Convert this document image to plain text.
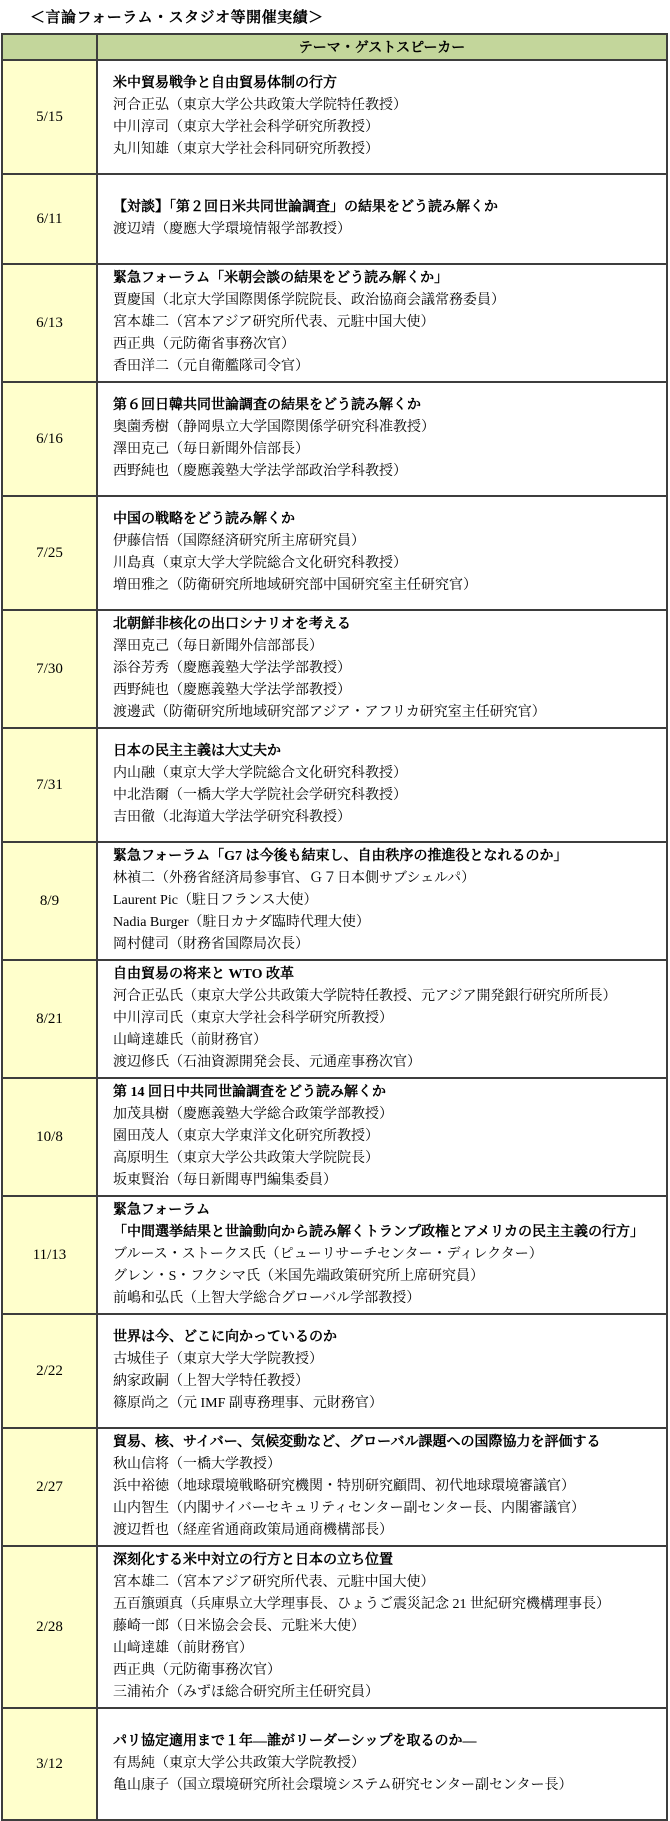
＜言論フォーラム・スタジオ等開催実績＞
	テーマ・ゲストスピーカー
5/15	米中貿易戦争と自由貿易体制の行方
河合正弘（東京大学公共政策大学院特任教授）
中川淳司（東京大学社会科学研究所教授）
丸川知雄（東京大学社会科同研究所教授）

6/11	【対談】「第２回日米共同世論調査」の結果をどう読み解くか
渡辺靖（慶應大学環境情報学部教授）

6/13	緊急フォーラム「米朝会談の結果をどう読み解くか」
賈慶国（北京大学国際関係学院院長、政治協商会議常務委員）
宮本雄二（宮本アジア研究所代表、元駐中国大使）
西正典（元防衛省事務次官）
香田洋二（元自衛艦隊司令官）

6/16	第６回日韓共同世論調査の結果をどう読み解くか
奥薗秀樹（静岡県立大学国際関係学研究科准教授）
澤田克己（毎日新聞外信部長）
西野純也（慶應義塾大学法学部政治学科教授）

7/25	中国の戦略をどう読み解くか
伊藤信悟（国際経済研究所主席研究員）
川島真（東京大学大学院総合文化研究科教授）
増田雅之（防衛研究所地域研究部中国研究室主任研究官）

7/30	北朝鮮非核化の出口シナリオを考える
澤田克己（毎日新聞外信部部長）
添谷芳秀（慶應義塾大学法学部教授）
西野純也（慶應義塾大学法学部教授）
渡邊武（防衛研究所地域研究部アジア・アフリカ研究室主任研究官）

7/31	日本の民主主義は大丈夫か
内山融（東京大学大学院総合文化研究科教授）
中北浩爾（一橋大学大学院社会学研究科教授）
吉田徹（北海道大学法学研究科教授）

8/9	緊急フォーラム「G7 は今後も結束し、自由秩序の推進役となれるのか」
林禎二（外務省経済局参事官、Ｇ７日本側サブシェルパ）
Laurent Pic（駐日フランス大使）
Nadia Burger（駐日カナダ臨時代理大使）
岡村健司（財務省国際局次長）

8/21	自由貿易の将来と WTO 改革
河合正弘氏（東京大学公共政策大学院特任教授、元アジア開発銀行研究所所長）
中川淳司氏（東京大学社会科学研究所教授）
山﨑達雄氏（前財務官）
渡辺修氏（石油資源開発会長、元通産事務次官）

10/8	第 14 回日中共同世論調査をどう読み解くか
加茂具樹（慶應義塾大学総合政策学部教授）
園田茂人（東京大学東洋文化研究所教授）
高原明生（東京大学公共政策大学院院長）
坂東賢治（毎日新聞専門編集委員）

11/13	緊急フォーラム
「中間選挙結果と世論動向から読み解くトランプ政権とアメリカの民主主義の行方」
ブルース・ストークス氏（ピューリサーチセンター・ディレクター）
グレン・S・フクシマ氏（米国先端政策研究所上席研究員）
前嶋和弘氏（上智大学総合グローバル学部教授）

2/22	世界は今、どこに向かっているのか
古城佳子（東京大学大学院教授）
納家政嗣（上智大学特任教授）
篠原尚之（元 IMF 副専務理事、元財務官）

2/27	貿易、核、サイバー、気候変動など、グローバル課題への国際協力を評価する
秋山信将（一橋大学教授）
浜中裕徳（地球環境戦略研究機関・特別研究顧問、初代地球環境審議官）
山内智生（内閣サイバーセキュリティセンター副センター長、内閣審議官）
渡辺哲也（経産省通商政策局通商機構部長）

2/28	
深刻化する米中対立の行方と日本の立ち位置
宮本雄二（宮本アジア研究所代表、元駐中国大使）
五百籏頭真（兵庫県立大学理事長、ひょうご震災記念 21 世紀研究機構理事長）
藤崎一郎（日米協会会長、元駐米大使）
山﨑達雄（前財務官）
西正典（元防衛事務次官）
三浦祐介（みずほ総合研究所主任研究員）

3/12	パリ協定適用まで１年―誰がリーダーシップを取るのか―
有馬純（東京大学公共政策大学院教授）
亀山康子（国立環境研究所社会環境システム研究センター副センター長）
